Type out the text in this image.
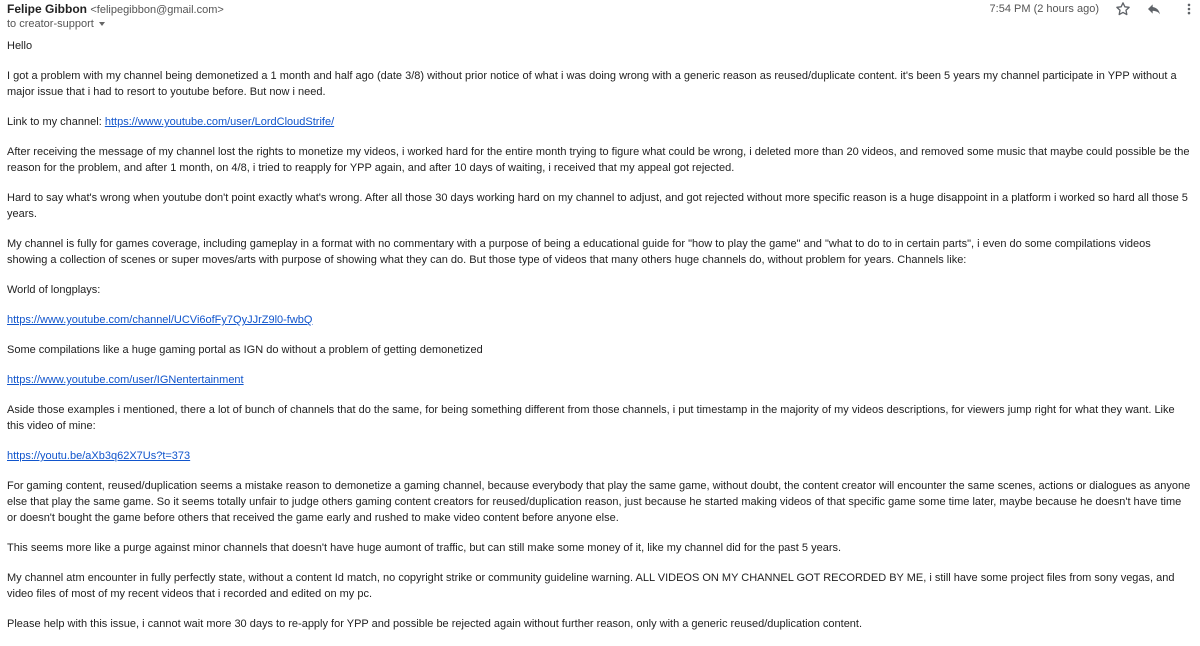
Felipe Gibbon <felipegibbon@gmail.com>
to creator-support
7:54 PM (2 hours ago)

Hello

I got a problem with my channel being demonetized a 1 month and half ago (date 3/8) without prior notice of what i was doing wrong with a generic reason as reused/duplicate content. it's been 5 years my channel participate in YPP without a major issue that i had to resort to youtube before. But now i need.

Link to my channel: https://www.youtube.com/user/LordCloudStrife/

After receiving the message of my channel lost the rights to monetize my videos, i worked hard for the entire month trying to figure what could be wrong, i deleted more than 20 videos, and removed some music that maybe could possible be the reason for the problem, and after 1 month, on 4/8, i tried to reapply for YPP again, and after 10 days of waiting, i received that my appeal got rejected.

Hard to say what's wrong when youtube don't point exactly what's wrong. After all those 30 days working hard on my channel to adjust, and got rejected without more specific reason is a huge disappoint in a platform i worked so hard all those 5 years.

My channel is fully for games coverage, including gameplay in a format with no commentary with a purpose of being a educational guide for "how to play the game" and "what to do to in certain parts", i even do some compilations videos showing a collection of scenes or super moves/arts with purpose of showing what they can do. But those type of videos that many others huge channels do, without problem for years. Channels like:

World of longplays:

https://www.youtube.com/channel/UCVi6ofFy7QyJJrZ9l0-fwbQ

Some compilations like a huge gaming portal as IGN do without a problem of getting demonetized

https://www.youtube.com/user/IGNentertainment

Aside those examples i mentioned, there a lot of bunch of channels that do the same, for being something different from those channels, i put timestamp in the majority of my videos descriptions, for viewers jump right for what they want. Like this video of mine:

https://youtu.be/aXb3q62X7Us?t=373

For gaming content, reused/duplication seems a mistake reason to demonetize a gaming channel, because everybody that play the same game, without doubt, the content creator will encounter the same scenes, actions or dialogues as anyone else that play the same game. So it seems totally unfair to judge others gaming content creators for reused/duplication reason, just because he started making videos of that specific game some time later, maybe because he doesn't have time or doesn't bought the game before others that received the game early and rushed to make video content before anyone else.

This seems more like a purge against minor channels that doesn't have huge aumont of traffic, but can still make some money of it, like my channel did for the past 5 years.

My channel atm encounter in fully perfectly state, without a content Id match, no copyright strike or community guideline warning. ALL VIDEOS ON MY CHANNEL GOT RECORDED BY ME, i still have some project files from sony vegas, and video files of most of my recent videos that i recorded and edited on my pc.

Please help with this issue, i cannot wait more 30 days to re-apply for YPP and possible be rejected again without further reason, only with a generic reused/duplication content.
